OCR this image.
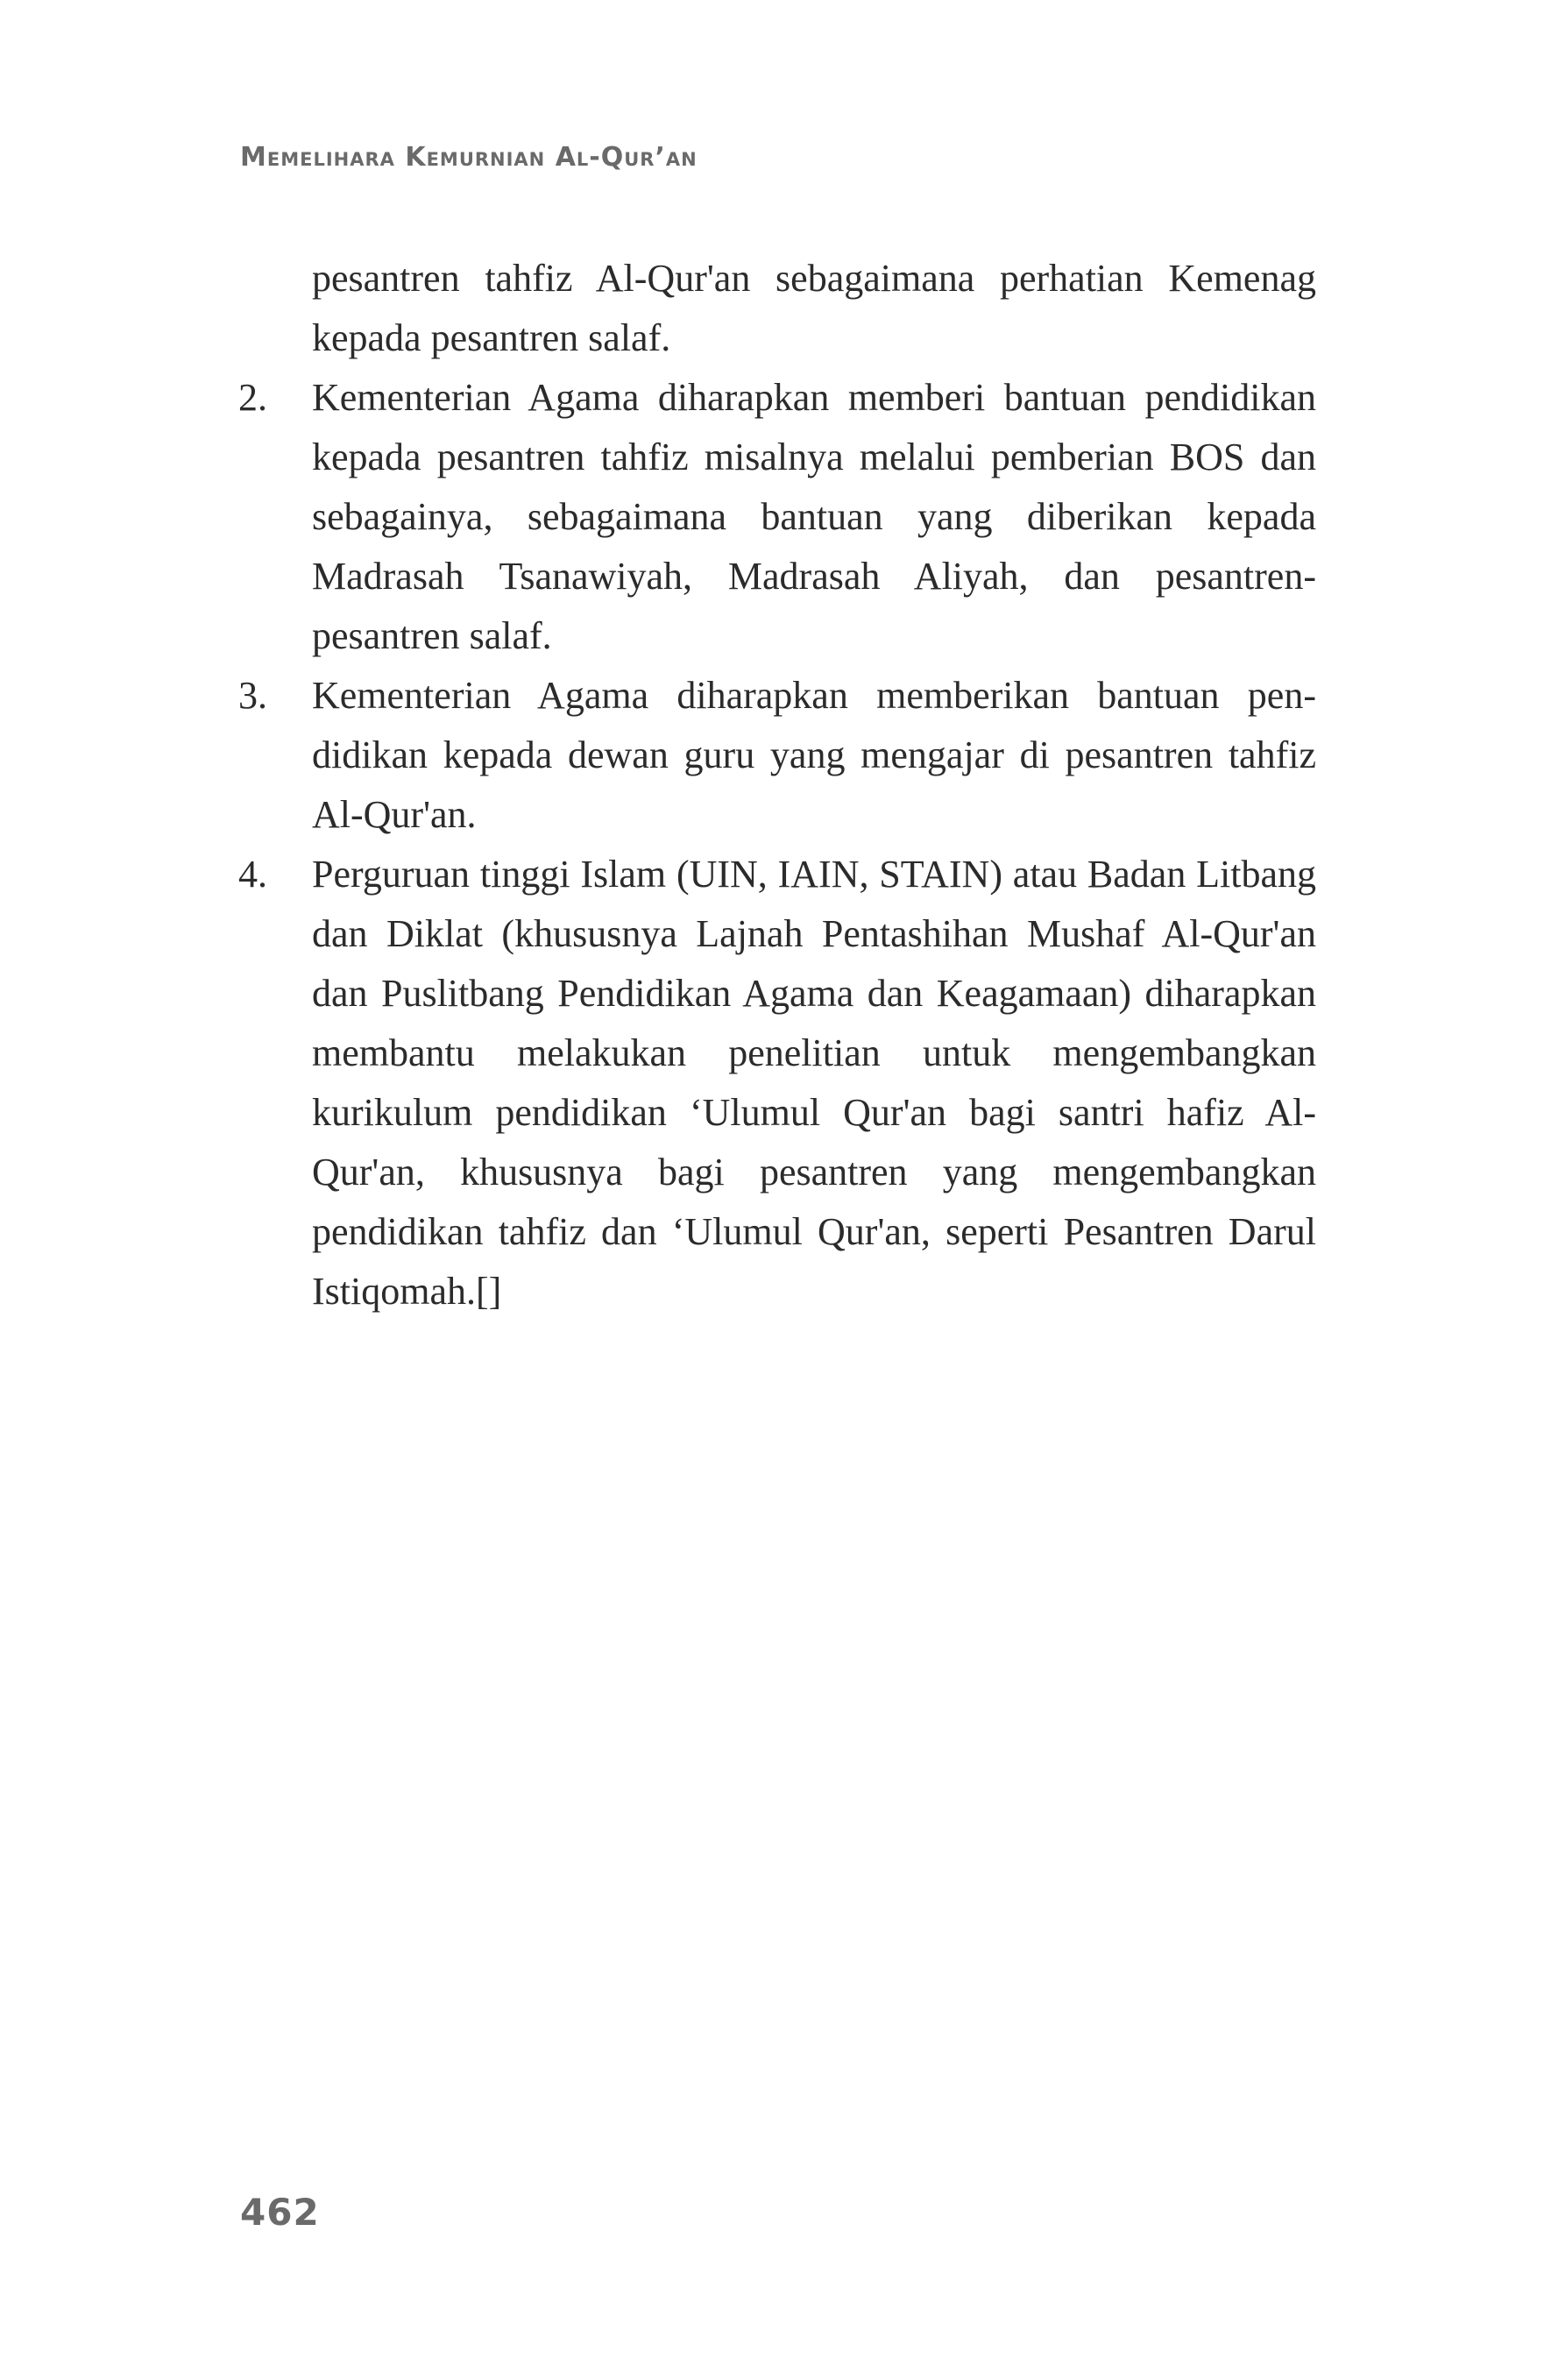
Memelihara Kemurnian Al-Qur’an

pesantren tahfiz Al-Qur'an sebagaimana perhatian Kemenag kepada pesantren salaf.

2.	Kementerian Agama diharapkan memberi bantuan pendidikan kepada pesantren tahfiz misalnya melalui pemberian BOS dan sebagainya, sebagaimana bantuan yang diberikan kepada Madrasah Tsanawiyah, Madrasah Aliyah, dan pesantren-pesantren salaf.
3.	Kementerian Agama diharapkan memberikan bantuan pendidikan kepada dewan guru yang mengajar di pesantren tahfiz Al-Qur'an.
4.	Perguruan tinggi Islam (UIN, IAIN, STAIN) atau Badan Litbang dan Diklat (khususnya Lajnah Pentashihan Mushaf Al-Qur'an dan Puslitbang Pendidikan Agama dan Keagamaan) diharapkan membantu melakukan penelitian untuk mengembangkan kurikulum pendidikan ‘Ulumul Qur'an bagi santri hafiz Al-Qur'an, khususnya bagi pesantren yang mengembangkan pendidikan tahfiz dan ‘Ulumul Qur'an, seperti Pesantren Darul Istiqomah.[]
462
